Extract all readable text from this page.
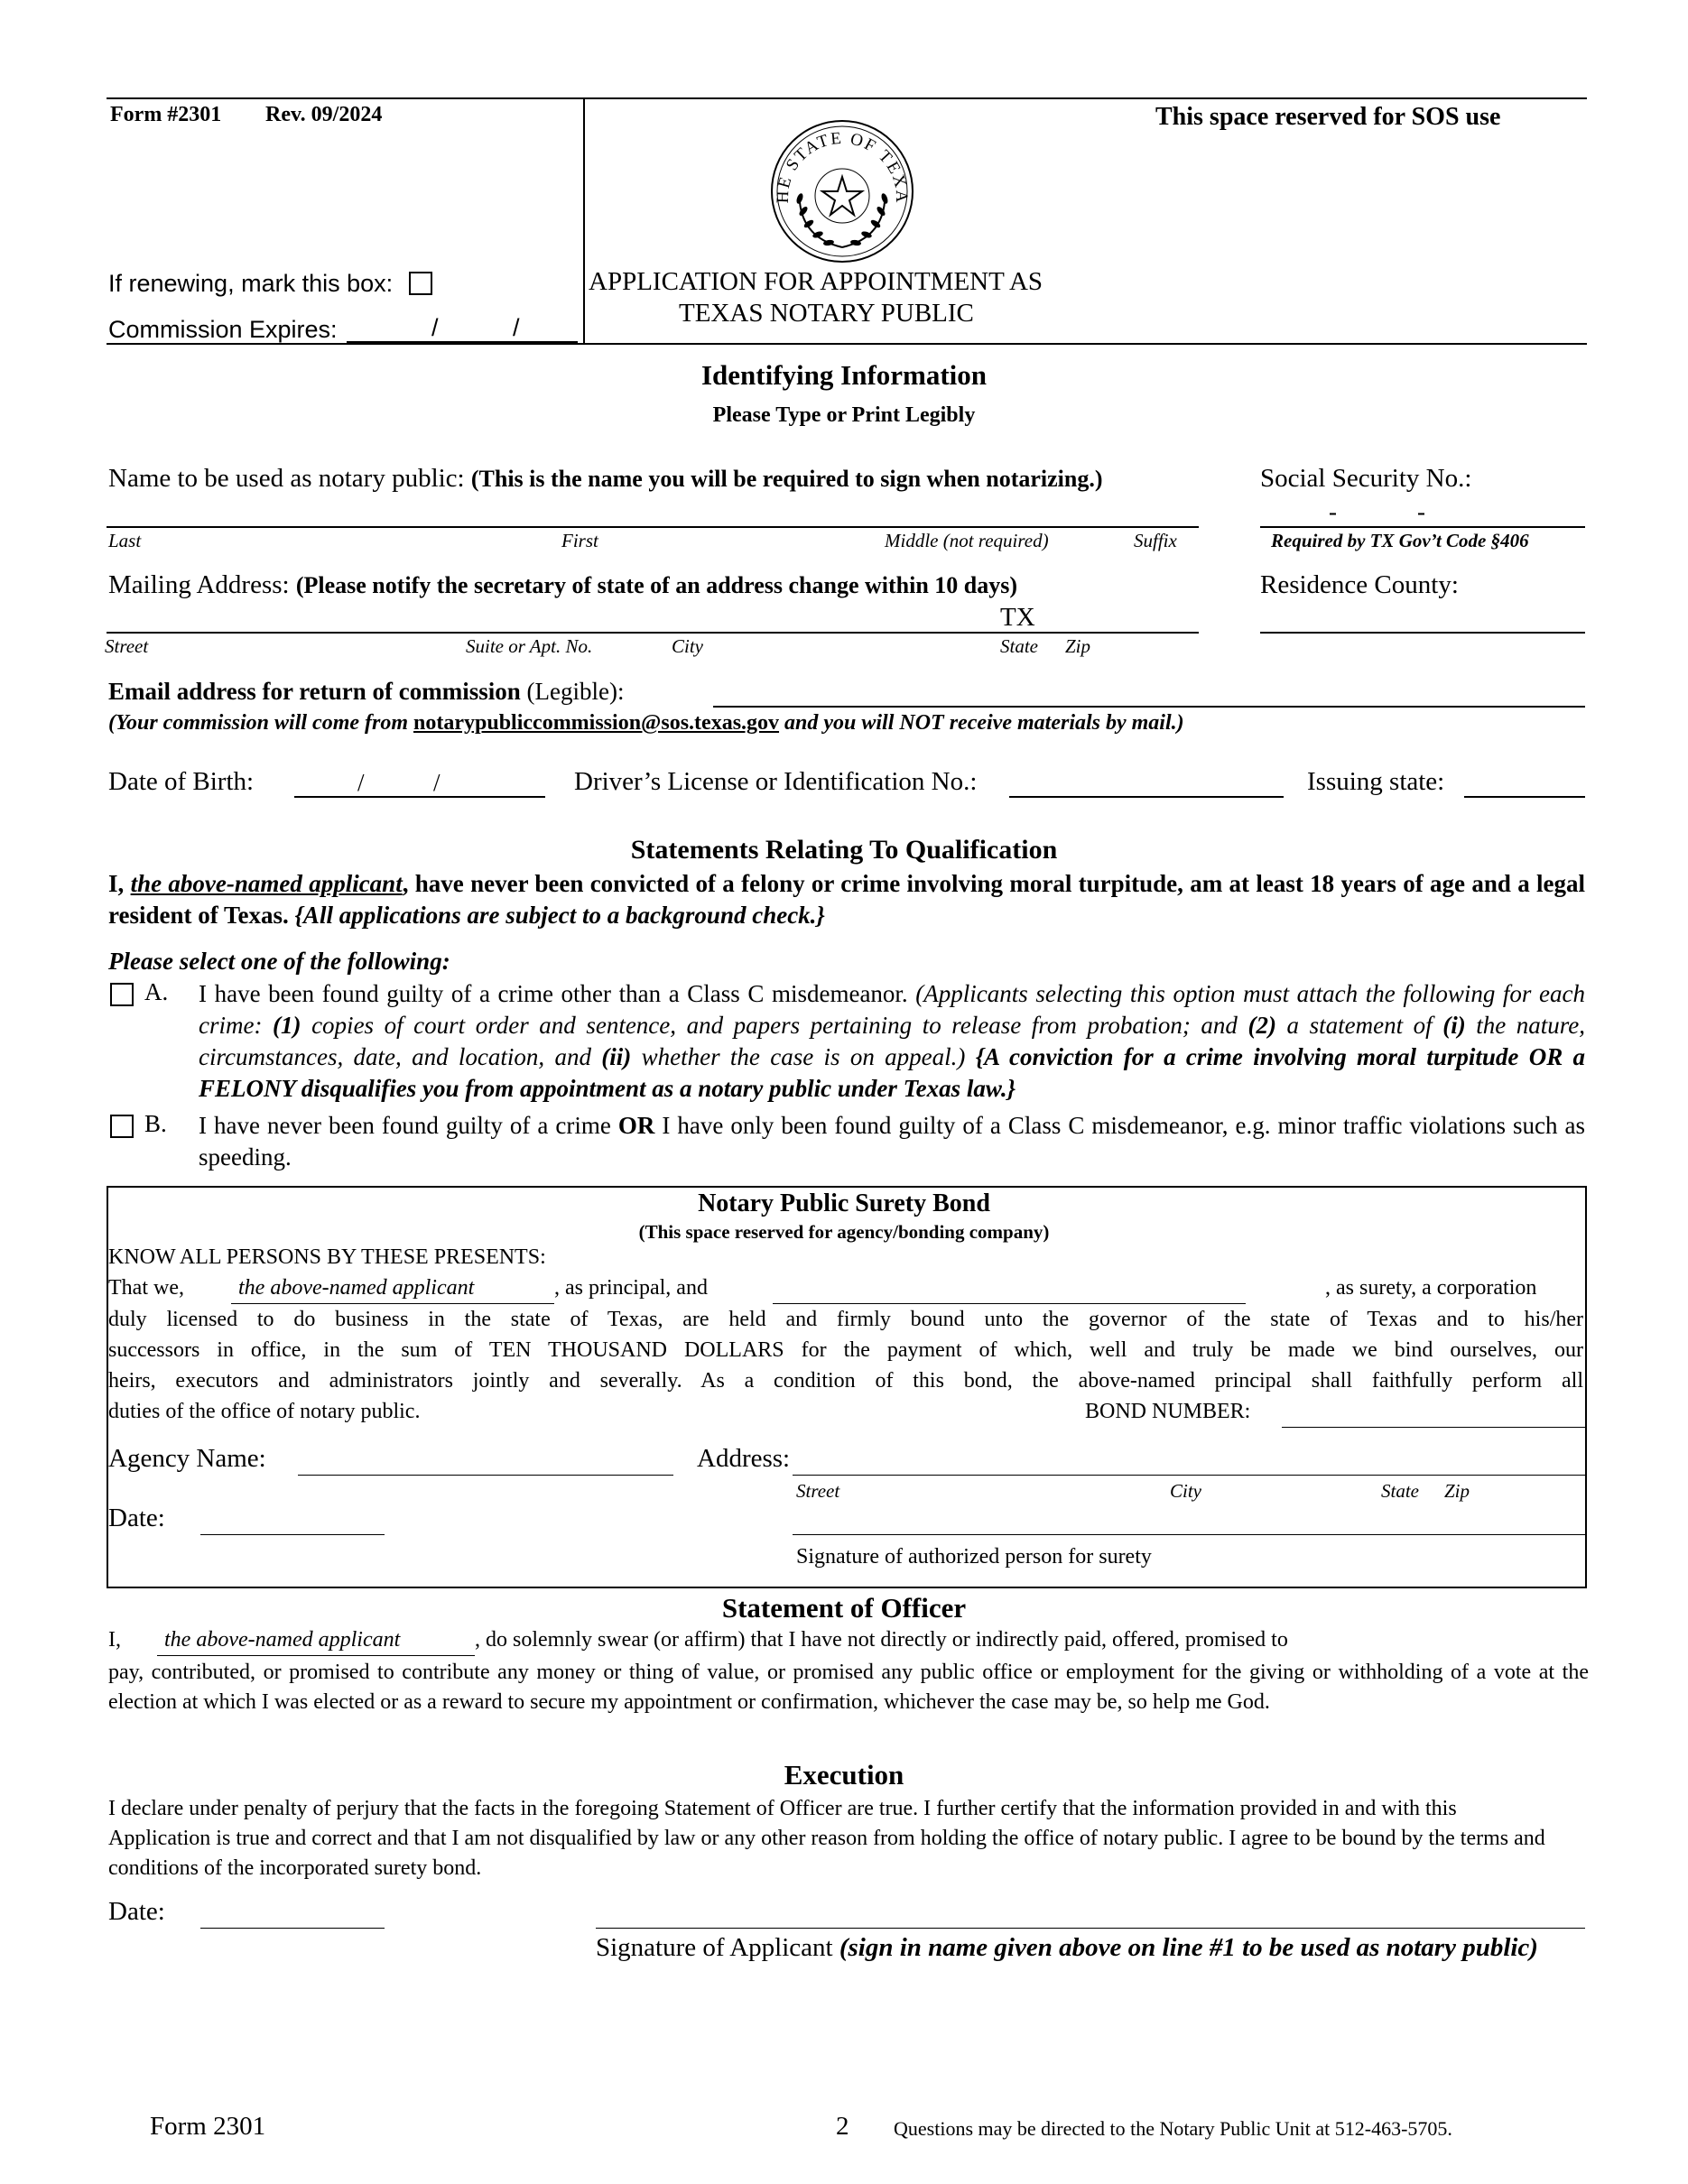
Form #2301 Rev. 09/2024	This space reserved for SOS use
HE STATE OF TEXA
If renewing, mark this box:
Commission Expires:	/	/
APPLICATION FOR APPOINTMENT AS
TEXAS NOTARY PUBLIC
Identifying Information
Please Type or Print Legibly
Name to be used as notary public: (This is the name you will be required to sign when notarizing.)	Social Security No.:
-	-
Last	First	Middle (not required)	Suffix	Required by TX Gov’t Code §406
Mailing Address: (Please notify the secretary of state of an address change within 10 days)	Residence County:
TX
Street	Suite or Apt. No.	City	State Zip
Email address for return of commission (Legible):
(Your commission will come from notarypubliccommission@sos.texas.gov and you will NOT receive materials by mail.)
Date of Birth:	/	/	Driver’s License or Identification No.:	Issuing state:
Statements Relating To Qualification
I, the above-named applicant, have never been convicted of a felony or crime involving moral turpitude, am at least 18 years of age and a legal resident of Texas. {All applications are subject to a background check.}
Please select one of the following:
A. I have been found guilty of a crime other than a Class C misdemeanor. (Applicants selecting this option must attach the following for each crime: (1) copies of court order and sentence, and papers pertaining to release from probation; and (2) a statement of (i) the nature, circumstances, date, and location, and (ii) whether the case is on appeal.) {A conviction for a crime involving moral turpitude OR a FELONY disqualifies you from appointment as a notary public under Texas law.}
B. I have never been found guilty of a crime OR I have only been found guilty of a Class C misdemeanor, e.g. minor traffic violations such as speeding.
Notary Public Surety Bond
(This space reserved for agency/bonding company)
KNOW ALL PERSONS BY THESE PRESENTS:
That we,	the above-named applicant	, as principal, and	, as surety, a corporation
duly licensed to do business in the state of Texas, are held and firmly bound unto the governor of the state of Texas and to his/her
successors in office, in the sum of TEN THOUSAND DOLLARS for the payment of which, well and truly be made we bind ourselves, our
heirs, executors and administrators jointly and severally. As a condition of this bond, the above-named principal shall faithfully perform all
duties of the office of notary public.	BOND NUMBER:
Agency Name:	Address:
Street	City	State Zip
Date:
Signature of authorized person for surety
Statement of Officer
I, the above-named applicant	, do solemnly swear (or affirm) that I have not directly or indirectly paid, offered, promised to
pay, contributed, or promised to contribute any money or thing of value, or promised any public office or employment for the giving or withholding of a vote at the election at which I was elected or as a reward to secure my appointment or confirmation, whichever the case may be, so help me God.
Execution
I declare under penalty of perjury that the facts in the foregoing Statement of Officer are true. I further certify that the information provided in and with this Application is true and correct and that I am not disqualified by law or any other reason from holding the office of notary public. I agree to be bound by the terms and conditions of the incorporated surety bond.
Date:
Signature of Applicant (sign in name given above on line #1 to be used as notary public)
Form 2301	2 Questions may be directed to the Notary Public Unit at 512-463-5705.
